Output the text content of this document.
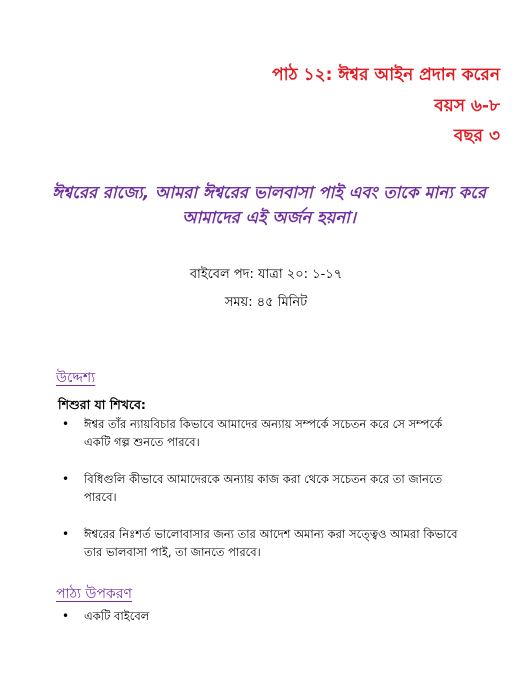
পাঠ ১২: ঈশ্বর আইন প্রদান করেন
বয়স ৬-৮
বছর ৩
ঈশ্বরের রাজ্যে, আমরা ঈশ্বরের ভালবাসা পাই এবং তাকে মান্য করে আমাদের এই অর্জন হয়না।
বাইবেল পদ: যাত্রা ২০: ১-১৭
সময়: ৪৫ মিনিট
উদ্দেশ্য
শিশুরা যা শিখবে:
• ঈশ্বর তাঁর ন্যায়বিচার কিভাবে আমাদের অন্যায় সম্পর্কে সচেতন করে সে সম্পর্কে একটি গল্প শুনতে পারবে।
• বিধিগুলি কীভাবে আমাদেরকে অন্যায় কাজ করা থেকে সচেতন করে তা জানতে পারবে।
• ঈশ্বরের নিঃশর্ত ভালোবাসার জন্য তার আদেশ অমান্য করা সত্ত্বেও আমরা কিভাবে তার ভালবাসা পাই, তা জানতে পারবে।
পাঠ্য উপকরণ
• একটি বাইবেল
